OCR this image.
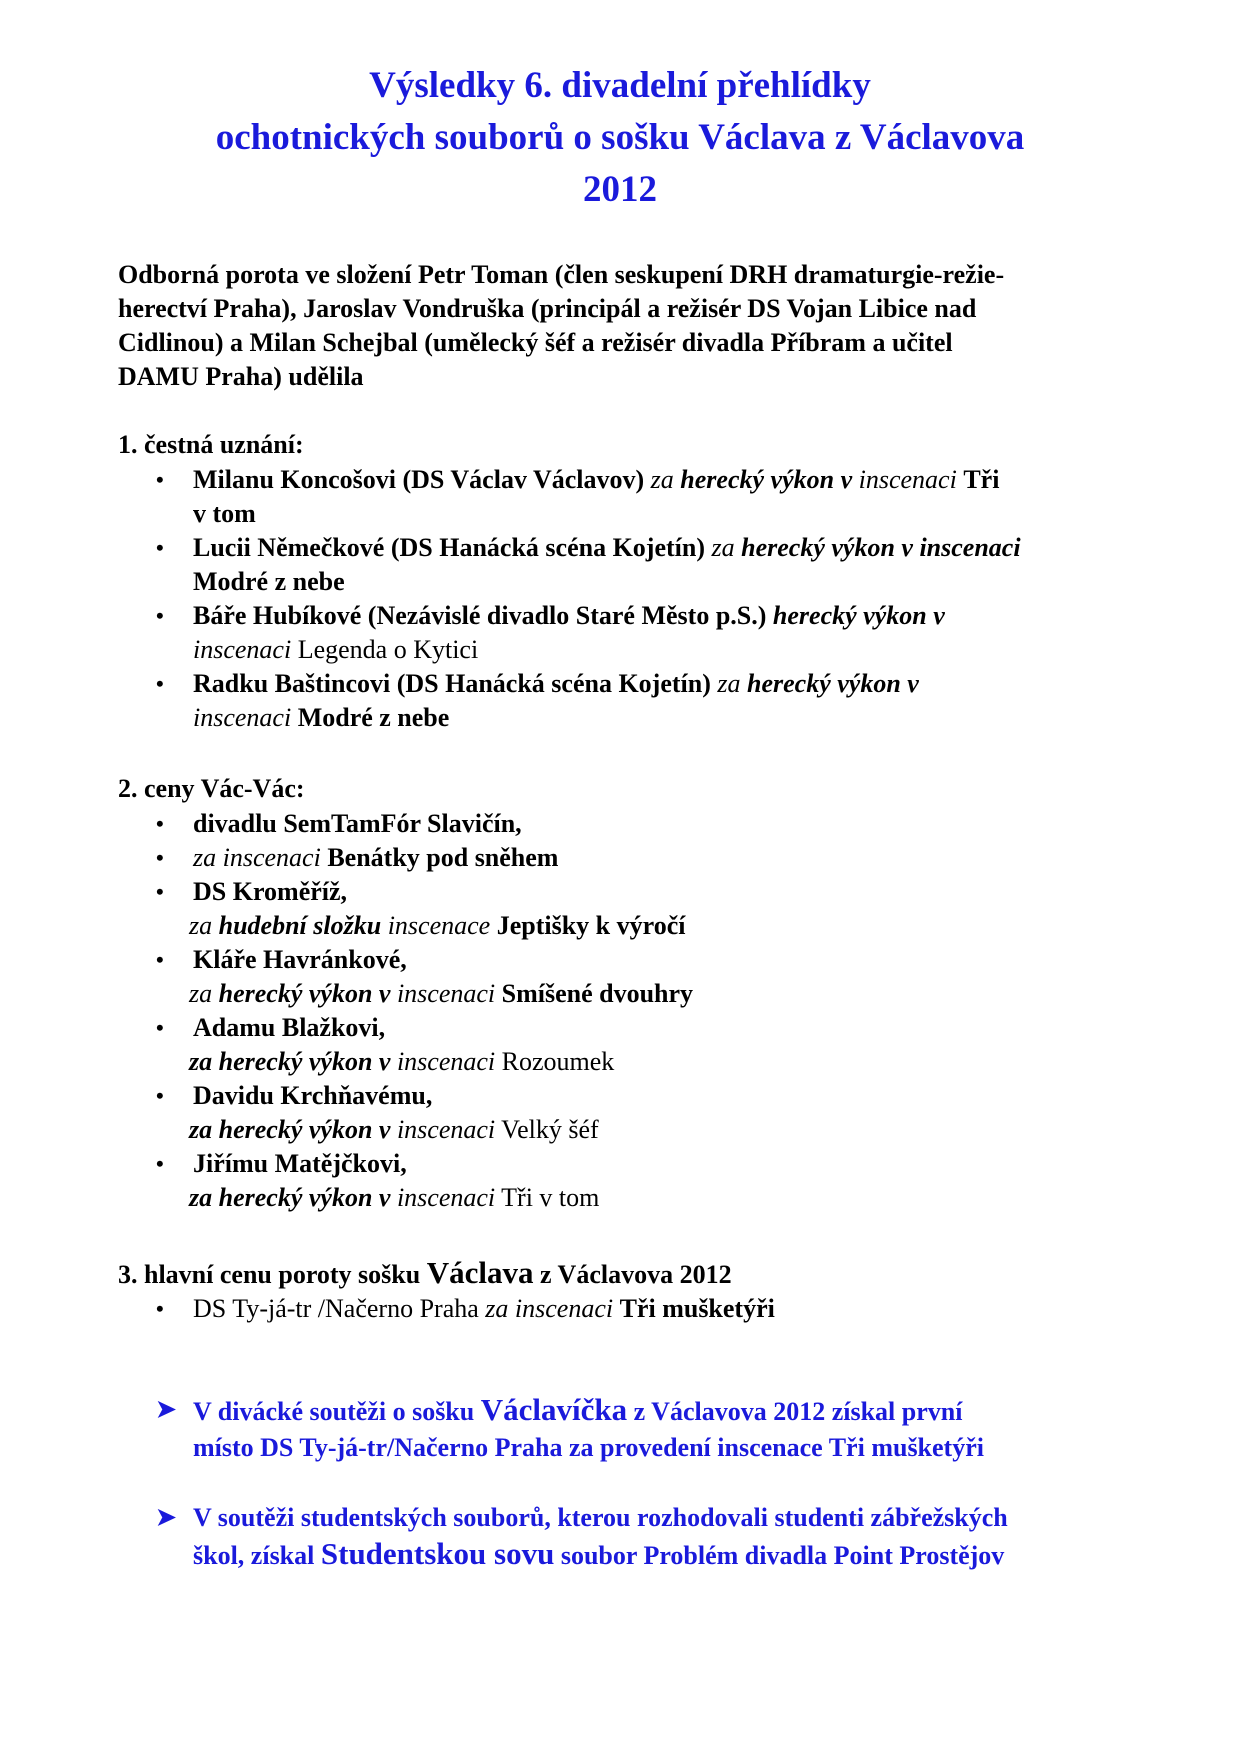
Výsledky 6. divadelní přehlídky
ochotnických souborů o sošku Václava z Václavova
2012
Odborná porota ve složení Petr Toman (člen seskupení DRH dramaturgie-režie-
herectví Praha), Jaroslav Vondruška (principál a režisér DS Vojan Libice nad
Cidlinou) a Milan Schejbal (umělecký šéf a režisér divadla Příbram a učitel
DAMU Praha) udělila
1. čestná uznání:
• Milanu Koncošovi (DS Václav Václavov) za herecký výkon v inscenaci Tři
v tom
• Lucii Němečkové (DS Hanácká scéna Kojetín) za herecký výkon v inscenaci
Modré z nebe
• Báře Hubíkové (Nezávislé divadlo Staré Město p.S.) herecký výkon v
inscenaci Legenda o Kytici
• Radku Baštincovi (DS Hanácká scéna Kojetín) za herecký výkon v
inscenaci Modré z nebe
2. ceny Vác-Vác:
• divadlu SemTamFór Slavičín,
• za inscenaci Benátky pod sněhem
• DS Kroměříž,
za hudební složku inscenace Jeptišky k výročí
• Kláře Havránkové,
za herecký výkon v inscenaci Smíšené dvouhry
• Adamu Blažkovi,
za herecký výkon v inscenaci Rozoumek
• Davidu Krchňavému,
za herecký výkon v inscenaci Velký šéf
• Jiřímu Matějčkovi,
za herecký výkon v inscenaci Tři v tom
3. hlavní cenu poroty sošku Václava z Václavova 2012
• DS Ty-já-tr /Načerno Praha za inscenaci Tři mušketýři
➤ V divácké soutěži o sošku Václavíčka z Václavova 2012 získal první
místo DS Ty-já-tr/Načerno Praha za provedení inscenace Tři mušketýři
➤ V soutěži studentských souborů, kterou rozhodovali studenti zábřežských
škol, získal Studentskou sovu soubor Problém divadla Point Prostějov
